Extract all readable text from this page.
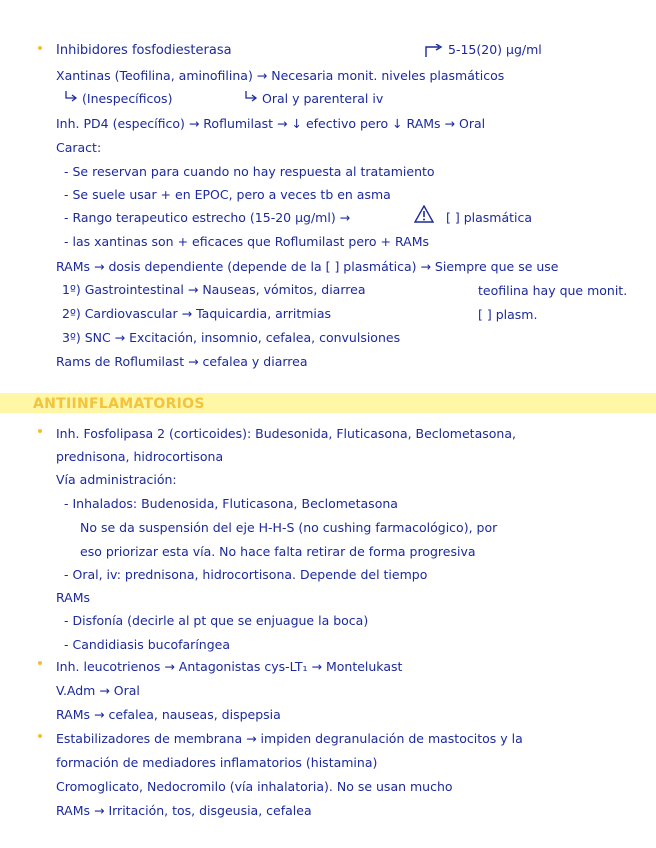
Inhibidores fosfodiesterasa	5-15(20) µg/ml
Xantinas (Teofilina, aminofilina) → Necesaria monit. niveles plasmáticos
(Inespecíficos)	Oral y parenteral iv
Inh. PD4 (específico) → Roflumilast → ↓ efectivo pero ↓ RAMs → Oral
Caract:
- Se reservan para cuando no hay respuesta al tratamiento
- Se suele usar + en EPOC, pero a veces tb en asma
- Rango terapeutico estrecho (15-20 µg/ml) →	[ ] plasmática
- las xantinas son + eficaces que Roflumilast pero + RAMs
RAMs → dosis dependiente (depende de la [ ] plasmática) → Siempre que se use
1º) Gastrointestinal → Nauseas, vómitos, diarrea
2º) Cardiovascular → Taquicardia, arritmias
3º) SNC → Excitación, insomnio, cefalea, convulsiones
teofilina hay que monit.
[ ] plasm.
Rams de Roflumilast → cefalea y diarrea
ANTIINFLAMATORIOS
Inh. Fosfolipasa 2 (corticoides): Budesonida, Fluticasona, Beclometasona,
prednisona, hidrocortisona
Vía administración:
- Inhalados: Budenosida, Fluticasona, Beclometasona
No se da suspensión del eje H-H-S (no cushing farmacológico), por
eso priorizar esta vía. No hace falta retirar de forma progresiva
- Oral, iv: prednisona, hidrocortisona. Depende del tiempo
RAMs
- Disfonía (decirle al pt que se enjuague la boca)
- Candidiasis bucofaríngea
Inh. leucotrienos → Antagonistas cys-LT₁ → Montelukast
V.Adm → Oral
RAMs → cefalea, nauseas, dispepsia
Estabilizadores de membrana → impiden degranulación de mastocitos y la
formación de mediadores inflamatorios (histamina)
Cromoglicato, Nedocromilo (vía inhalatoria). No se usan mucho
RAMs → Irritación, tos, disgeusia, cefalea
